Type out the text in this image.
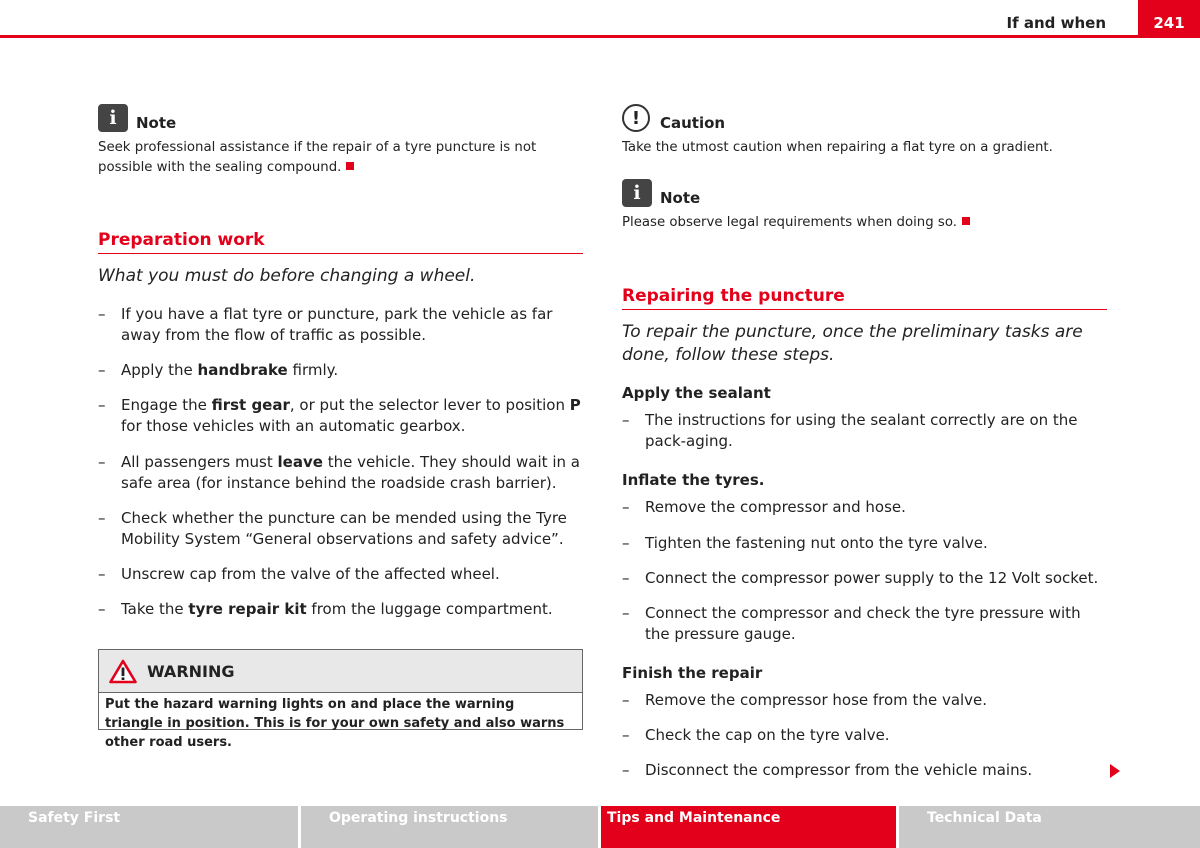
If and when	241
i Note
Seek professional assistance if the repair of a tyre puncture is not possible with the sealing compound.
Preparation work
What you must do before changing a wheel.
–	If you have a flat tyre or puncture, park the vehicle as far away from the flow of traffic as possible.
–	Apply the handbrake firmly.
–	Engage the first gear, or put the selector lever to position P for those vehicles with an automatic gearbox.
–	All passengers must leave the vehicle. They should wait in a safe area (for instance behind the roadside crash barrier).
–	Check whether the puncture can be mended using the Tyre Mobility System “General observations and safety advice”.
–	Unscrew cap from the valve of the affected wheel.
–	Take the tyre repair kit from the luggage compartment.
WARNING
Put the hazard warning lights on and place the warning triangle in position. This is for your own safety and also warns other road users.
!	Caution
Take the utmost caution when repairing a flat tyre on a gradient.
i Note
Please observe legal requirements when doing so.
Repairing the puncture
To repair the puncture, once the preliminary tasks are done, follow these steps.
Apply the sealant
–	The instructions for using the sealant correctly are on the pack-aging.
Inflate the tyres.
–	Remove the compressor and hose.
–	Tighten the fastening nut onto the tyre valve.
–	Connect the compressor power supply to the 12 Volt socket.
–	Connect the compressor and check the tyre pressure with the pressure gauge.
Finish the repair
–	Remove the compressor hose from the valve.
–	Check the cap on the tyre valve.
–	Disconnect the compressor from the vehicle mains.
Safety First	Operating instructions	Tips and Maintenance	Technical Data
